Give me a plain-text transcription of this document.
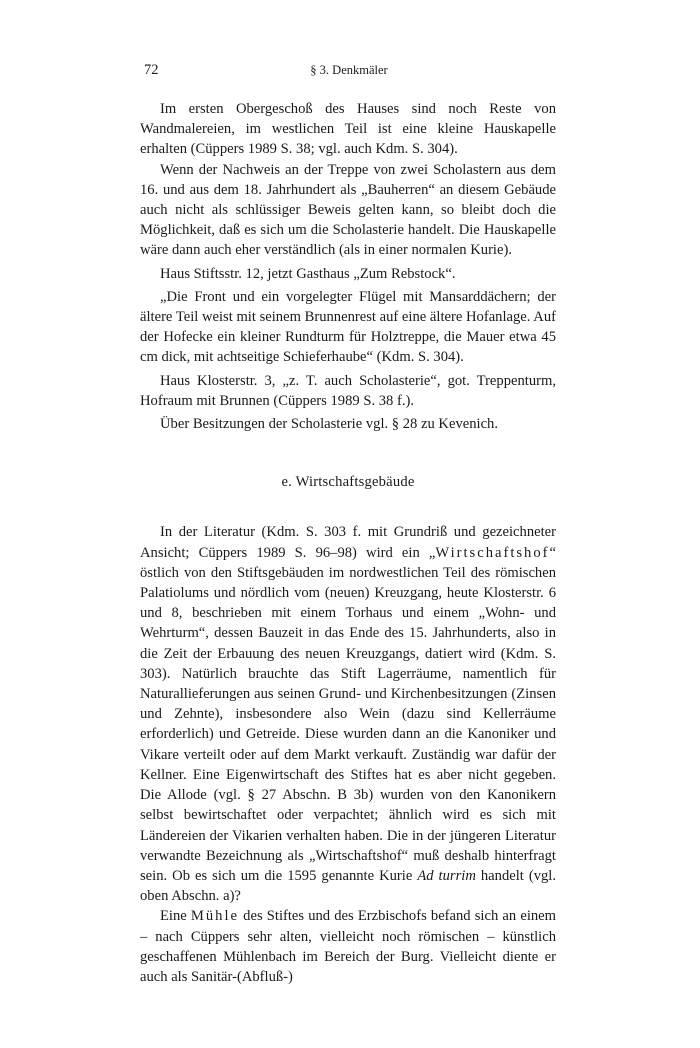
72	§ 3. Denkmäler

Im ersten Obergeschoß des Hauses sind noch Reste von Wandmalereien, im westlichen Teil ist eine kleine Hauskapelle erhalten (Cüppers 1989 S. 38; vgl. auch Kdm. S. 304).

Wenn der Nachweis an der Treppe von zwei Scholastern aus dem 16. und aus dem 18. Jahrhundert als „Bauherren“ an diesem Gebäude auch nicht als schlüssiger Beweis gelten kann, so bleibt doch die Möglichkeit, daß es sich um die Scholasterie handelt. Die Hauskapelle wäre dann auch eher verständlich (als in einer normalen Kurie).

Haus Stiftsstr. 12, jetzt Gasthaus „Zum Rebstock“.

„Die Front und ein vorgelegter Flügel mit Mansarddächern; der ältere Teil weist mit seinem Brunnenrest auf eine ältere Hofanlage. Auf der Hofecke ein kleiner Rundturm für Holztreppe, die Mauer etwa 45 cm dick, mit achtseitige Schieferhaube“ (Kdm. S. 304).

Haus Klosterstr. 3, „z. T. auch Scholasterie“, got. Treppenturm, Hofraum mit Brunnen (Cüppers 1989 S. 38 f.).

Über Besitzungen der Scholasterie vgl. § 28 zu Kevenich.

e. Wirtschaftsgebäude

In der Literatur (Kdm. S. 303 f. mit Grundriß und gezeichneter Ansicht; Cüppers 1989 S. 96–98) wird ein „Wirtschaftshof“ östlich von den Stiftsgebäuden im nordwestlichen Teil des römischen Palatiolums und nördlich vom (neuen) Kreuzgang, heute Klosterstr. 6 und 8, beschrieben mit einem Torhaus und einem „Wohn- und Wehrturm“, dessen Bauzeit in das Ende des 15. Jahrhunderts, also in die Zeit der Erbauung des neuen Kreuzgangs, datiert wird (Kdm. S. 303). Natürlich brauchte das Stift Lagerräume, namentlich für Naturallieferungen aus seinen Grund- und Kirchenbesitzungen (Zinsen und Zehnte), insbesondere also Wein (dazu sind Kellerräume erforderlich) und Getreide. Diese wurden dann an die Kanoniker und Vikare verteilt oder auf dem Markt verkauft. Zuständig war dafür der Kellner. Eine Eigenwirtschaft des Stiftes hat es aber nicht gegeben. Die Allode (vgl. § 27 Abschn. B 3b) wurden von den Kanonikern selbst bewirtschaftet oder verpachtet; ähnlich wird es sich mit Ländereien der Vikarien verhalten haben. Die in der jüngeren Literatur verwandte Bezeichnung als „Wirtschaftshof“ muß deshalb hinterfragt sein. Ob es sich um die 1595 genannte Kurie Ad turrim handelt (vgl. oben Abschn. a)?

Eine Mühle des Stiftes und des Erzbischofs befand sich an einem – nach Cüppers sehr alten, vielleicht noch römischen – künstlich geschaffenen Mühlenbach im Bereich der Burg. Vielleicht diente er auch als Sanitär-(Abfluß-)
